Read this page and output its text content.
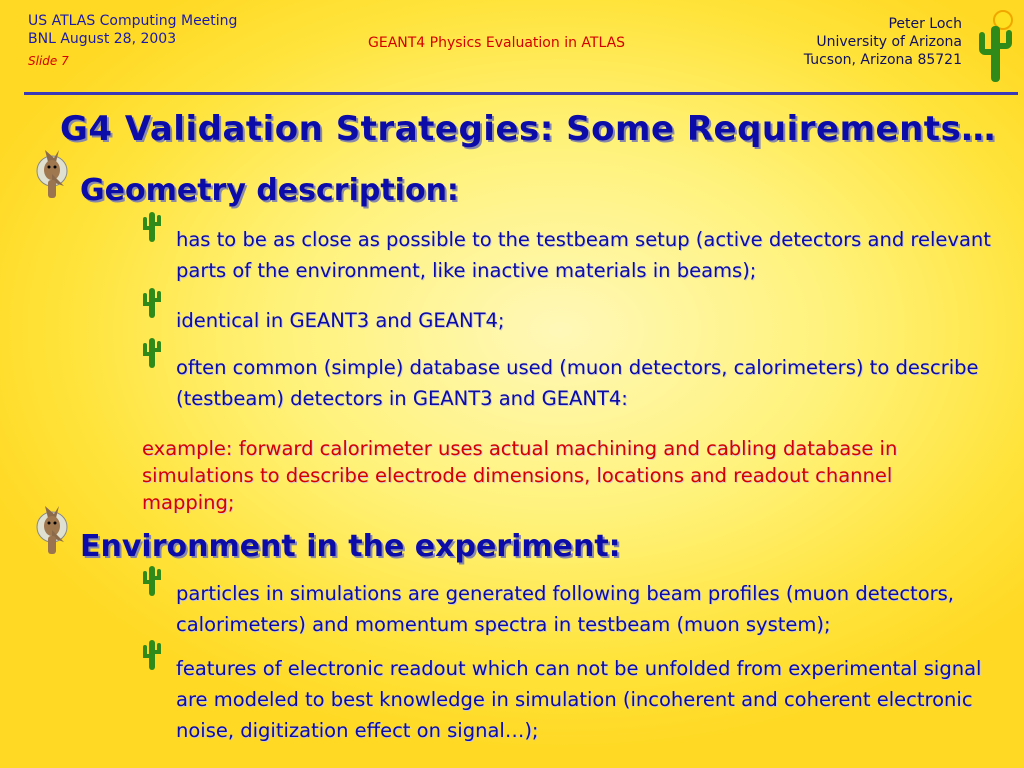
US ATLAS Computing Meeting
BNL August 28, 2003
Slide 7
GEANT4 Physics Evaluation in ATLAS
Peter Loch
University of Arizona
Tucson, Arizona 85721
G4 Validation Strategies: Some Requirements…
Geometry description:
has to be as close as possible to the testbeam setup (active detectors and relevant parts of the environment, like inactive materials in beams);
identical in GEANT3 and GEANT4;
often common (simple) database used (muon detectors, calorimeters) to describe (testbeam) detectors in GEANT3 and GEANT4:
example: forward calorimeter uses actual machining and cabling database in simulations to describe electrode dimensions, locations and readout channel mapping;
Environment in the experiment:
particles in simulations are generated following beam profiles (muon detectors, calorimeters) and momentum spectra in testbeam (muon system);
features of electronic readout which can not be unfolded from experimental signal are modeled to best knowledge in simulation (incoherent and coherent electronic noise, digitization effect on signal…);
